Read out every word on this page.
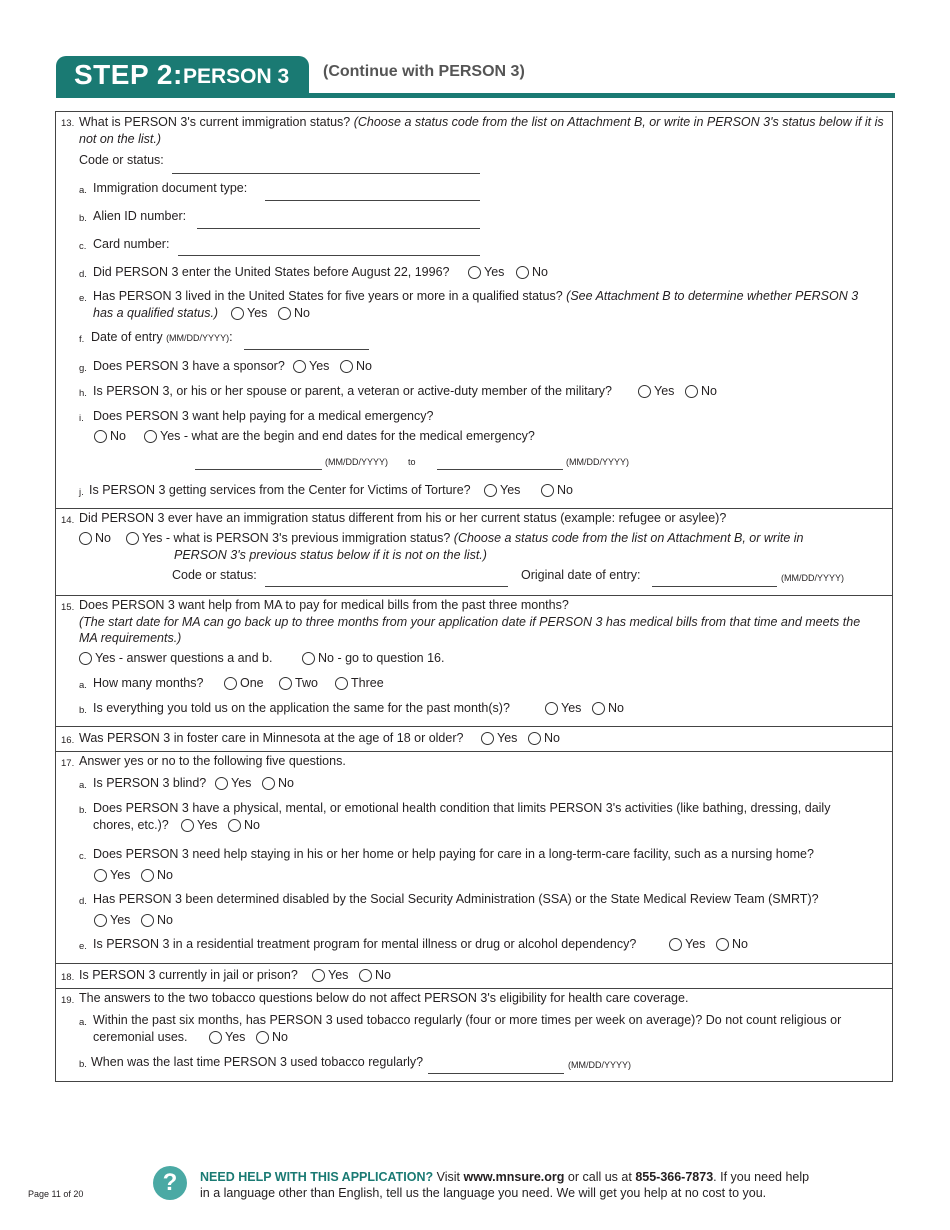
STEP 2: PERSON 3 (Continue with PERSON 3)
13. What is PERSON 3's current immigration status? (Choose a status code from the list on Attachment B, or write in PERSON 3's status below if it is
not on the list.)
Code or status:
a. Immigration document type:
b. Alien ID number:
c. Card number:
d. Did PERSON 3 enter the United States before August 22, 1996?	Yes	No
e. Has PERSON 3 lived in the United States for five years or more in a qualified status? (See Attachment B to determine whether PERSON 3
has a qualified status.)	Yes	No
f. Date of entry (MM/DD/YYYY):
g. Does PERSON 3 have a sponsor?	Yes	No
h. Is PERSON 3, or his or her spouse or parent, a veteran or active-duty member of the military?	Yes	No
i. Does PERSON 3 want help paying for a medical emergency?
No	Yes - what are the begin and end dates for the medical emergency?
(MM/DD/YYYY) to	(MM/DD/YYYY)
j. Is PERSON 3 getting services from the Center for Victims of Torture?	Yes	No
14. Did PERSON 3 ever have an immigration status different from his or her current status (example: refugee or asylee)?
No	Yes - what is PERSON 3's previous immigration status? (Choose a status code from the list on Attachment B, or write in
PERSON 3's previous status below if it is not on the list.)
Code or status:	Original date of entry:	(MM/DD/YYYY)
15. Does PERSON 3 want help from MA to pay for medical bills from the past three months?
(The start date for MA can go back up to three months from your application date if PERSON 3 has medical bills from that time and meets the
MA requirements.)
Yes - answer questions a and b.	No - go to question 16.
a. How many months?	One	Two	Three
b. Is everything you told us on the application the same for the past month(s)?	Yes	No
16. Was PERSON 3 in foster care in Minnesota at the age of 18 or older?	Yes	No
17. Answer yes or no to the following five questions.
a. Is PERSON 3 blind?	Yes	No
b. Does PERSON 3 have a physical, mental, or emotional health condition that limits PERSON 3's activities (like bathing, dressing, daily
chores, etc.)?	Yes	No
c. Does PERSON 3 need help staying in his or her home or help paying for care in a long-term-care facility, such as a nursing home?
Yes	No
d. Has PERSON 3 been determined disabled by the Social Security Administration (SSA) or the State Medical Review Team (SMRT)?
Yes	No
e. Is PERSON 3 in a residential treatment program for mental illness or drug or alcohol dependency?	Yes	No
18. Is PERSON 3 currently in jail or prison?	Yes	No
19. The answers to the two tobacco questions below do not affect PERSON 3's eligibility for health care coverage.
a. Within the past six months, has PERSON 3 used tobacco regularly (four or more times per week on average)? Do not count religious or
ceremonial uses.	Yes	No
b. When was the last time PERSON 3 used tobacco regularly?	(MM/DD/YYYY)
?	NEED HELP WITH THIS APPLICATION? Visit www.mnsure.org or call us at 855-366-7873. If you need help
in a language other than English, tell us the language you need. We will get you help at no cost to you.
Page 11 of 20
